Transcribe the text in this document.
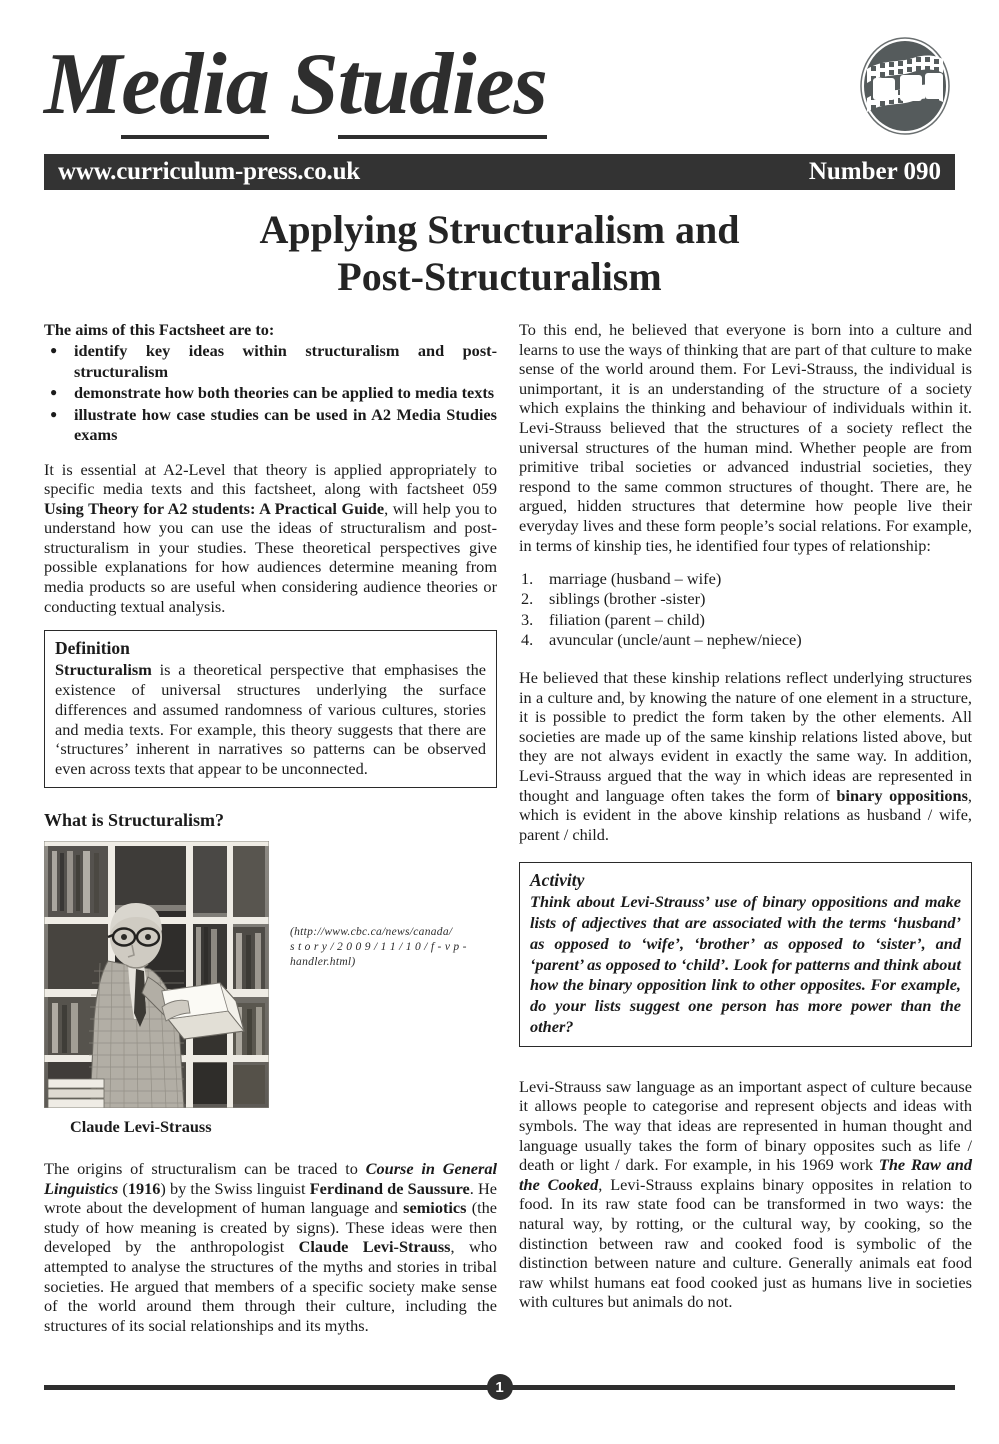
Media Studies
www.curriculum-press.co.uk	Number 090
Applying Structuralism and
Post-Structuralism
The aims of this Factsheet are to:
● identify key ideas within structuralism and post-structuralism
● demonstrate how both theories can be applied to media texts
● illustrate how case studies can be used in A2 Media Studies exams

It is essential at A2-Level that theory is applied appropriately to specific media texts and this factsheet, along with factsheet 059 Using Theory for A2 students: A Practical Guide, will help you to understand how you can use the ideas of structuralism and post-structuralism in your studies. These theoretical perspectives give possible explanations for how audiences determine meaning from media products so are useful when considering audience theories or conducting textual analysis.

Definition

Structuralism is a theoretical perspective that emphasises the existence of universal structures underlying the surface differences and assumed randomness of various cultures, stories and media texts. For example, this theory suggests that there are ‘structures’ inherent in narratives so patterns can be observed even across texts that appear to be unconnected.

What is Structuralism?
(http://www.cbc.ca/news/canada/
s t o r y / 2 0 0 9 / 1 1 / 1 0 / f - v p -
handler.html)
Claude Levi-Strauss

The origins of structuralism can be traced to Course in General Linguistics (1916) by the Swiss linguist Ferdinand de Saussure. He wrote about the development of human language and semiotics (the study of how meaning is created by signs). These ideas were then developed by the anthropologist Claude Levi-Strauss, who attempted to analyse the structures of the myths and stories in tribal societies. He argued that members of a specific society make sense of the world around them through their culture, including the structures of its social relationships and its myths.

To this end, he believed that everyone is born into a culture and learns to use the ways of thinking that are part of that culture to make sense of the world around them. For Levi-Strauss, the individual is unimportant, it is an understanding of the structure of a society which explains the thinking and behaviour of individuals within it. Levi-Strauss believed that the structures of a society reflect the universal structures of the human mind. Whether people are from primitive tribal societies or advanced industrial societies, they respond to the same common structures of thought. There are, he argued, hidden structures that determine how people live their everyday lives and these form people’s social relations. For example, in terms of kinship ties, he identified four types of relationship:

marriage (husband – wife)
siblings (brother -sister)
filiation (parent – child)
avuncular (uncle/aunt – nephew/niece)

He believed that these kinship relations reflect underlying structures in a culture and, by knowing the nature of one element in a structure, it is possible to predict the form taken by the other elements. All societies are made up of the same kinship relations listed above, but they are not always evident in exactly the same way. In addition, Levi-Strauss argued that the way in which ideas are represented in thought and language often takes the form of binary oppositions, which is evident in the above kinship relations as husband / wife, parent / child.

Activity

Think about Levi-Strauss’ use of binary oppositions and make lists of adjectives that are associated with the terms ‘husband’ as opposed to ‘wife’, ‘brother’ as opposed to ‘sister’, and ‘parent’ as opposed to ‘child’. Look for patterns and think about how the binary opposition link to other opposites. For example, do your lists suggest one person has more power than the other?

Levi-Strauss saw language as an important aspect of culture because it allows people to categorise and represent objects and ideas with symbols. The way that ideas are represented in human thought and language usually takes the form of binary opposites such as life / death or light / dark. For example, in his 1969 work The Raw and the Cooked, Levi-Strauss explains binary opposites in relation to food. In its raw state food can be transformed in two ways: the natural way, by rotting, or the cultural way, by cooking, so the distinction between raw and cooked food is symbolic of the distinction between nature and culture. Generally animals eat food raw whilst humans eat food cooked just as humans live in societies with cultures but animals do not.

1
